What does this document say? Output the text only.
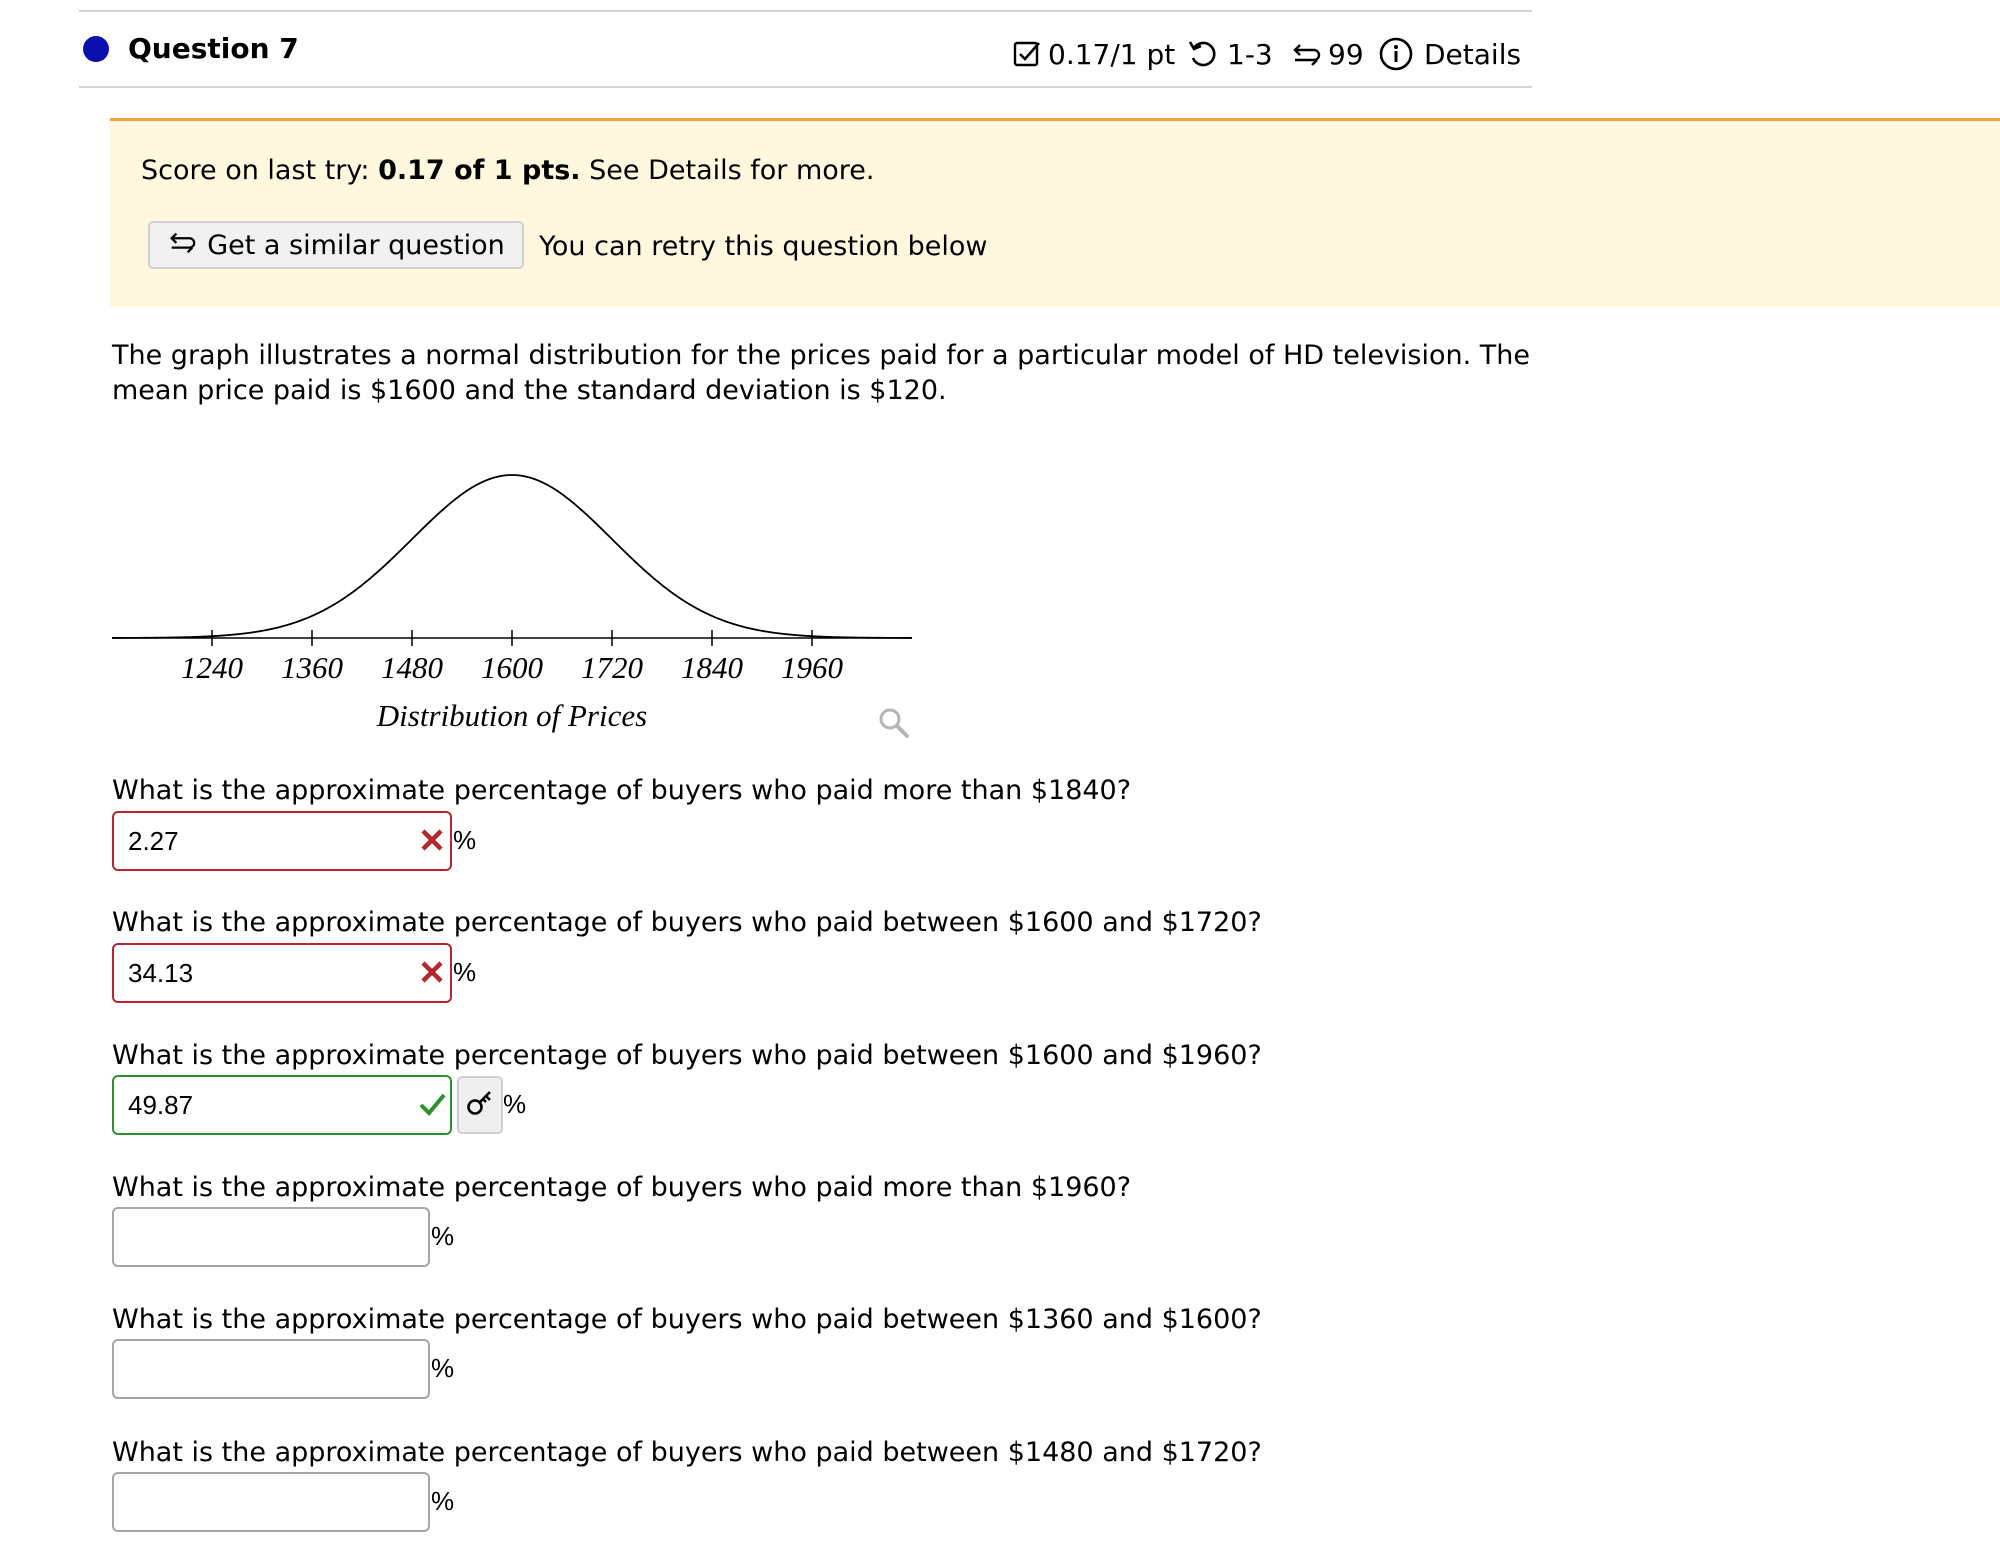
Question 7	0.17/1 pt 1-3 99 Details
Score on last try: 0.17 of 1 pts. See Details for more.
Get a similar question You can retry this question below
The graph illustrates a normal distribution for the prices paid for a particular model of HD television. The mean price paid is $1600 and the standard deviation is $120.
1240 1360 1480 1600 1720 1840 1960
Distribution of Prices
What is the approximate percentage of buyers who paid more than $1840?
2.27	%
What is the approximate percentage of buyers who paid between $1600 and $1720?
34.13	%
What is the approximate percentage of buyers who paid between $1600 and $1960?
49.87	%
What is the approximate percentage of buyers who paid more than $1960?
%
What is the approximate percentage of buyers who paid between $1360 and $1600?
%
What is the approximate percentage of buyers who paid between $1480 and $1720?
%
